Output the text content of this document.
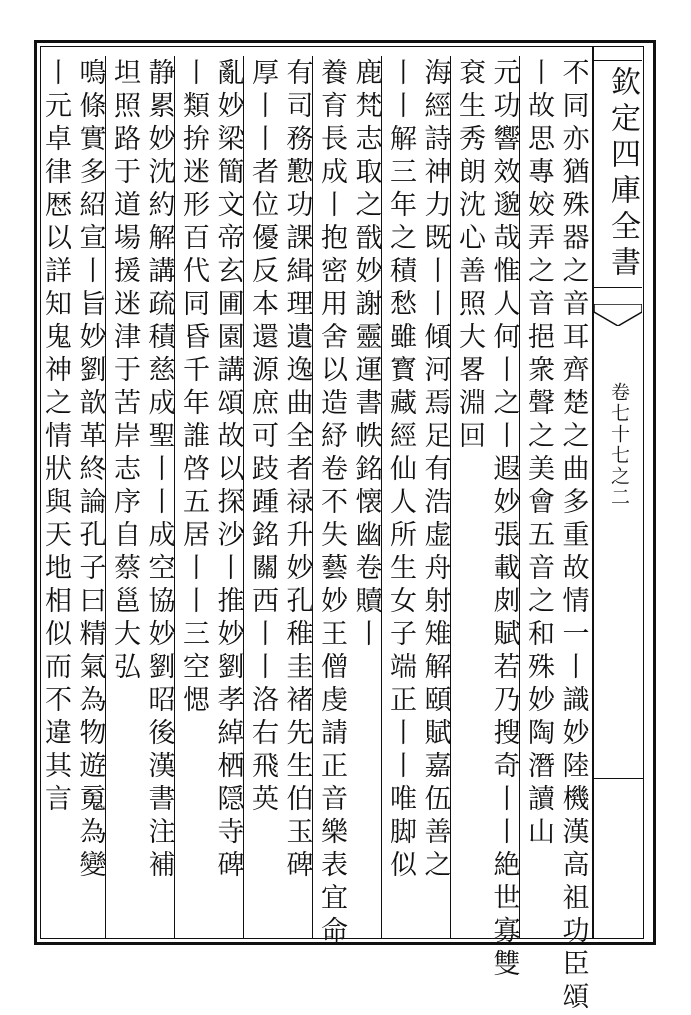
欽定四庫全書
卷七十七之二
不同亦猶殊器之音耳齊楚之曲多重故情一丨識妙陸機漢高祖功臣頌
丨故思專姣弄之音挹衆聲之美會五音之和殊妙陶潛讀山
元功響效邈哉惟人何丨之丨遐妙張載㓟賦若乃搜奇丨丨絶世寡雙
袞生秀朗沈心善照大畧淵回
海經詩神力既丨丨傾河焉足有浩虚舟射雉解頤賦嘉伍善之
丨丨解三年之積愁雖寳藏經仙人所生女子端正丨丨唯脚似
鹿梵志取之戩妙謝靈運書帙銘懐幽卷贖丨
養育長成丨抱密用舍以造紓卷不失藝妙王僧虔請正音樂表宜命
有司務懃功課緝理遺逸曲全者禄升妙孔稚圭褚先生伯玉碑
厚丨丨者位優反本還源庶可跂踵銘關西丨丨洛右飛英
亂妙梁簡文帝玄圃園講頌故以探沙丨推妙劉孝綽栖隠寺碑
丨類拚迷形百代同昏千年誰啓五居丨丨三空愢
静累妙沈約解講疏積慈成聖丨丨成空協妙劉昭後漢書注補
坦照路于道場援迷津于苦岸志序自蔡邕大弘
鳴條實多紹宣丨旨妙劉歆革終論孔子曰精氣為物遊䰟為變
丨元卓律厯以詳知鬼神之情狀與天地相似而不違其言
